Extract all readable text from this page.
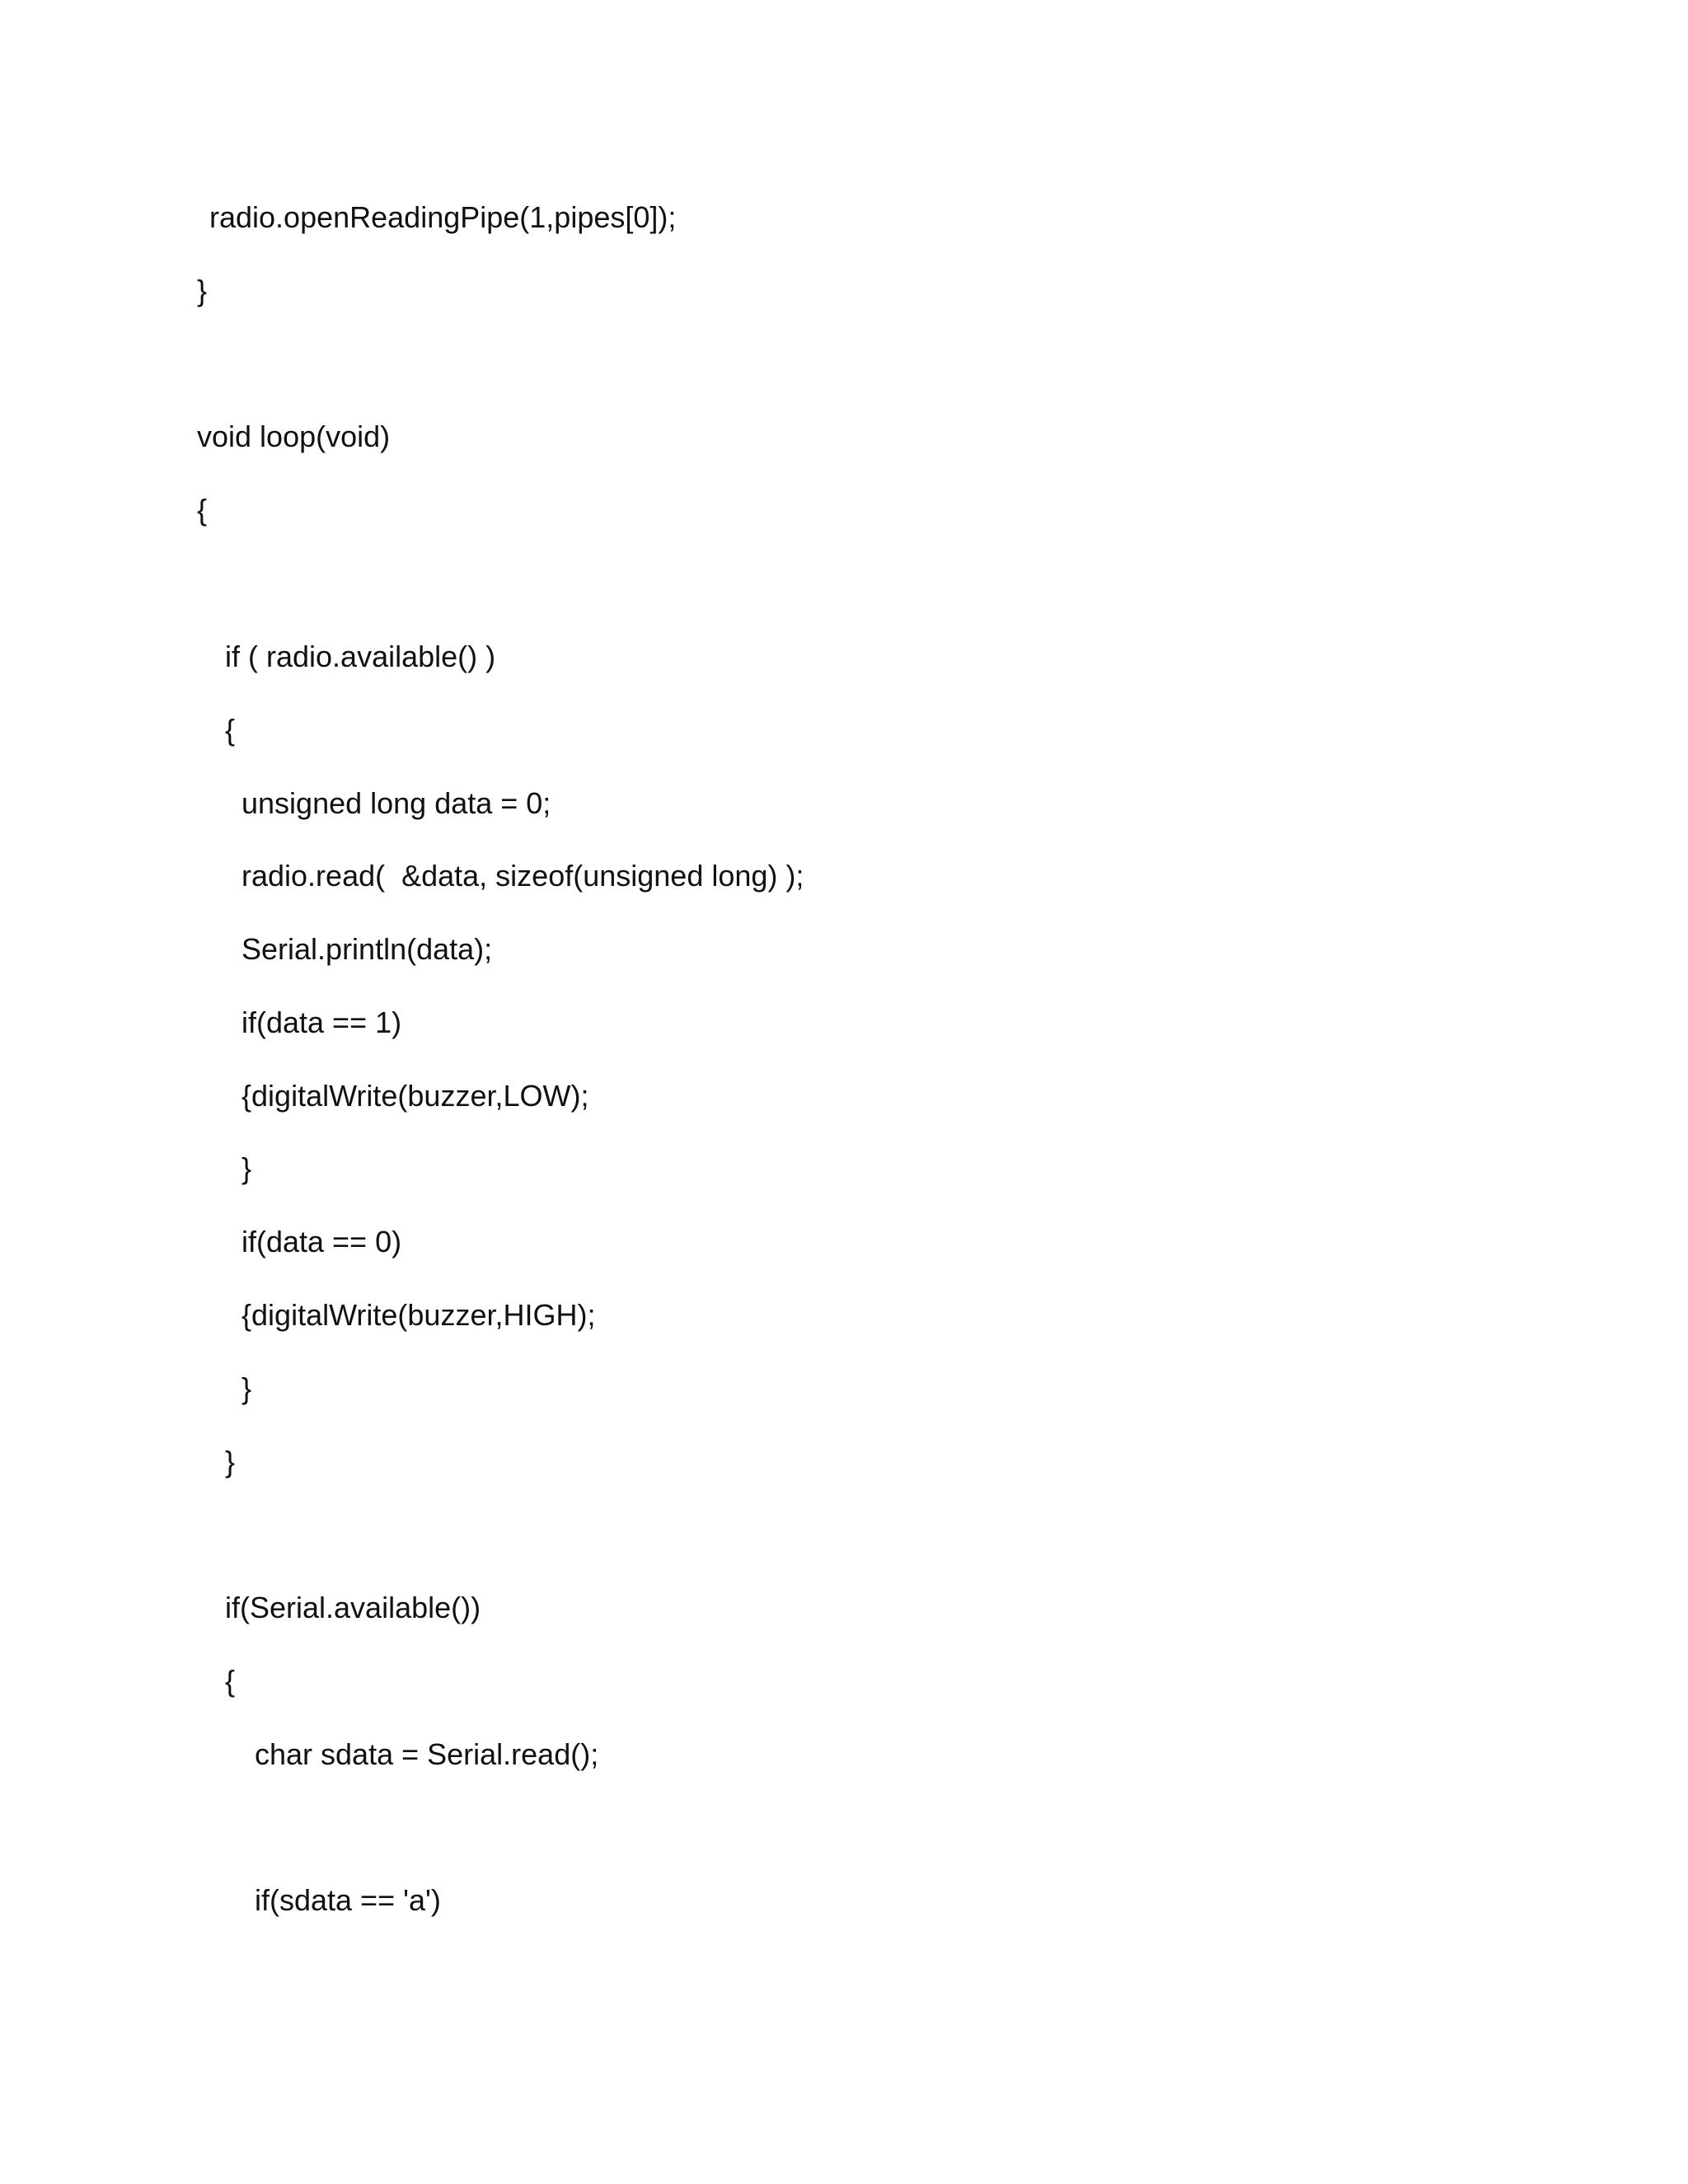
radio.openReadingPipe(1,pipes[0]);
}
void loop(void)
{
if ( radio.available() )
{
unsigned long data = 0;
radio.read(  &data, sizeof(unsigned long) );
Serial.println(data);
if(data == 1)
{digitalWrite(buzzer,LOW);
}
if(data == 0)
{digitalWrite(buzzer,HIGH);
}
}
if(Serial.available())
{
char sdata = Serial.read();
if(sdata == 'a')
